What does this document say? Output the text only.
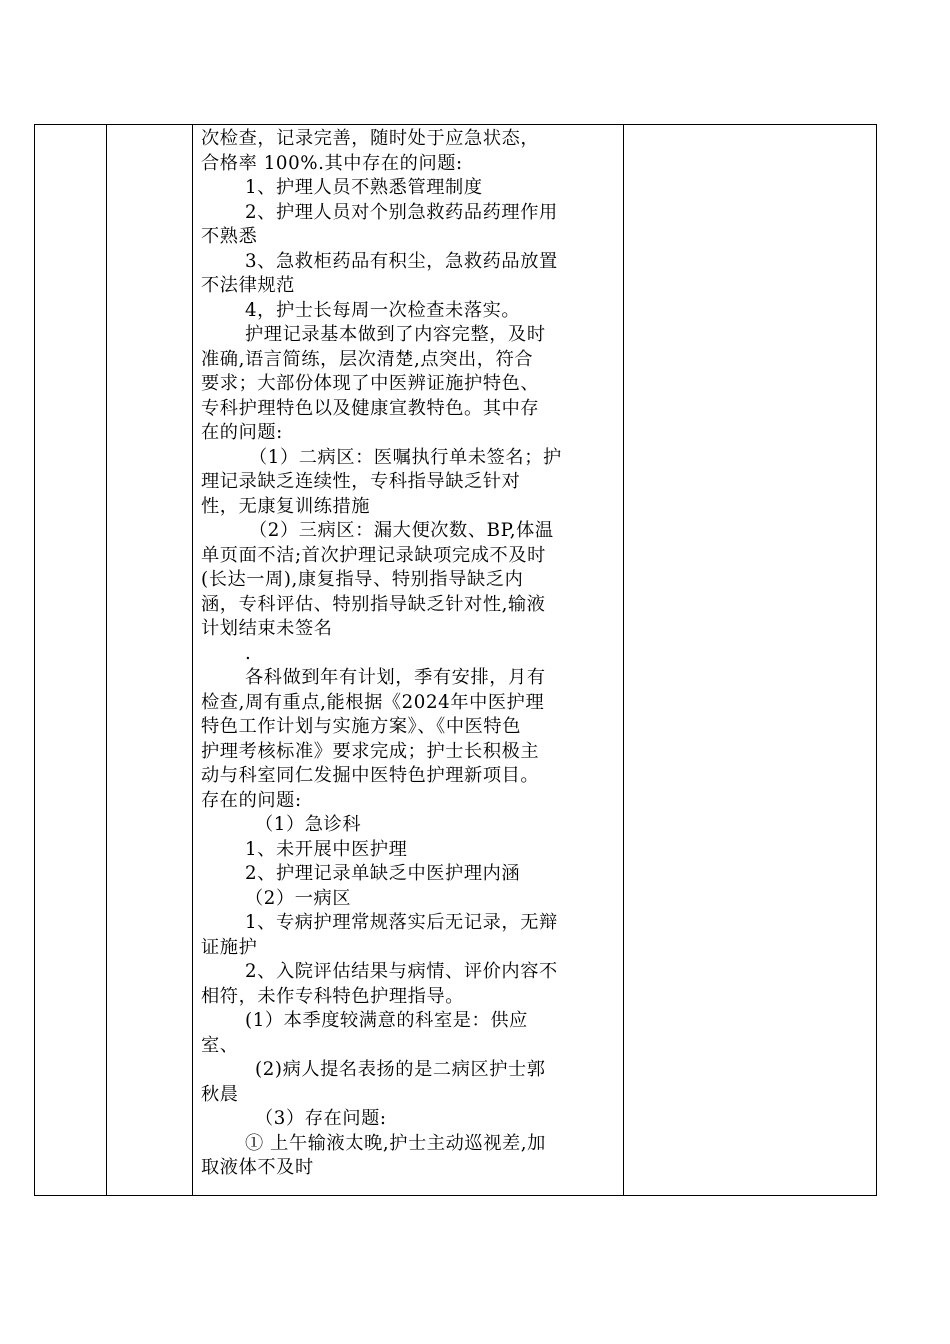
次检查，记录完善，随时处于应急状态，
合格率 100%.其中存在的问题:
1、护理人员不熟悉管理制度
2、护理人员对个别急救药品药理作用
不熟悉
3、急救柜药品有积尘，急救药品放置
不法律规范
4，护士长每周一次检查未落实。
护理记录基本做到了内容完整，及时
准确,语言简练，层次清楚,点突出，符合
要求；大部份体现了中医辨证施护特色、
专科护理特色以及健康宣教特色。其中存
在的问题:
（1）二病区：医嘱执行单未签名；护
理记录缺乏连续性，专科指导缺乏针对
性，无康复训练措施
（2）三病区：漏大便次数、BP,体温
单页面不洁;首次护理记录缺项完成不及时
(长达一周),康复指导、特别指导缺乏内
涵，专科评估、特别指导缺乏针对性,输液
计划结束未签名
.
各科做到年有计划，季有安排，月有
检查,周有重点,能根据《2024年中医护理
特色工作计划与实施方案》、《中医特色
护理考核标准》要求完成；护士长积极主
动与科室同仁发掘中医特色护理新项目。
存在的问题:
（1）急诊科
1、未开展中医护理
2、护理记录单缺乏中医护理内涵
（2）一病区
1、专病护理常规落实后无记录，无辩
证施护
2、入院评估结果与病情、评价内容不
相符，未作专科特色护理指导。
(1）本季度较满意的科室是：供应
室、
(2)病人提名表扬的是二病区护士郭
秋晨
（3）存在问题:
① 上午输液太晚,护士主动巡视差,加
取液体不及时
